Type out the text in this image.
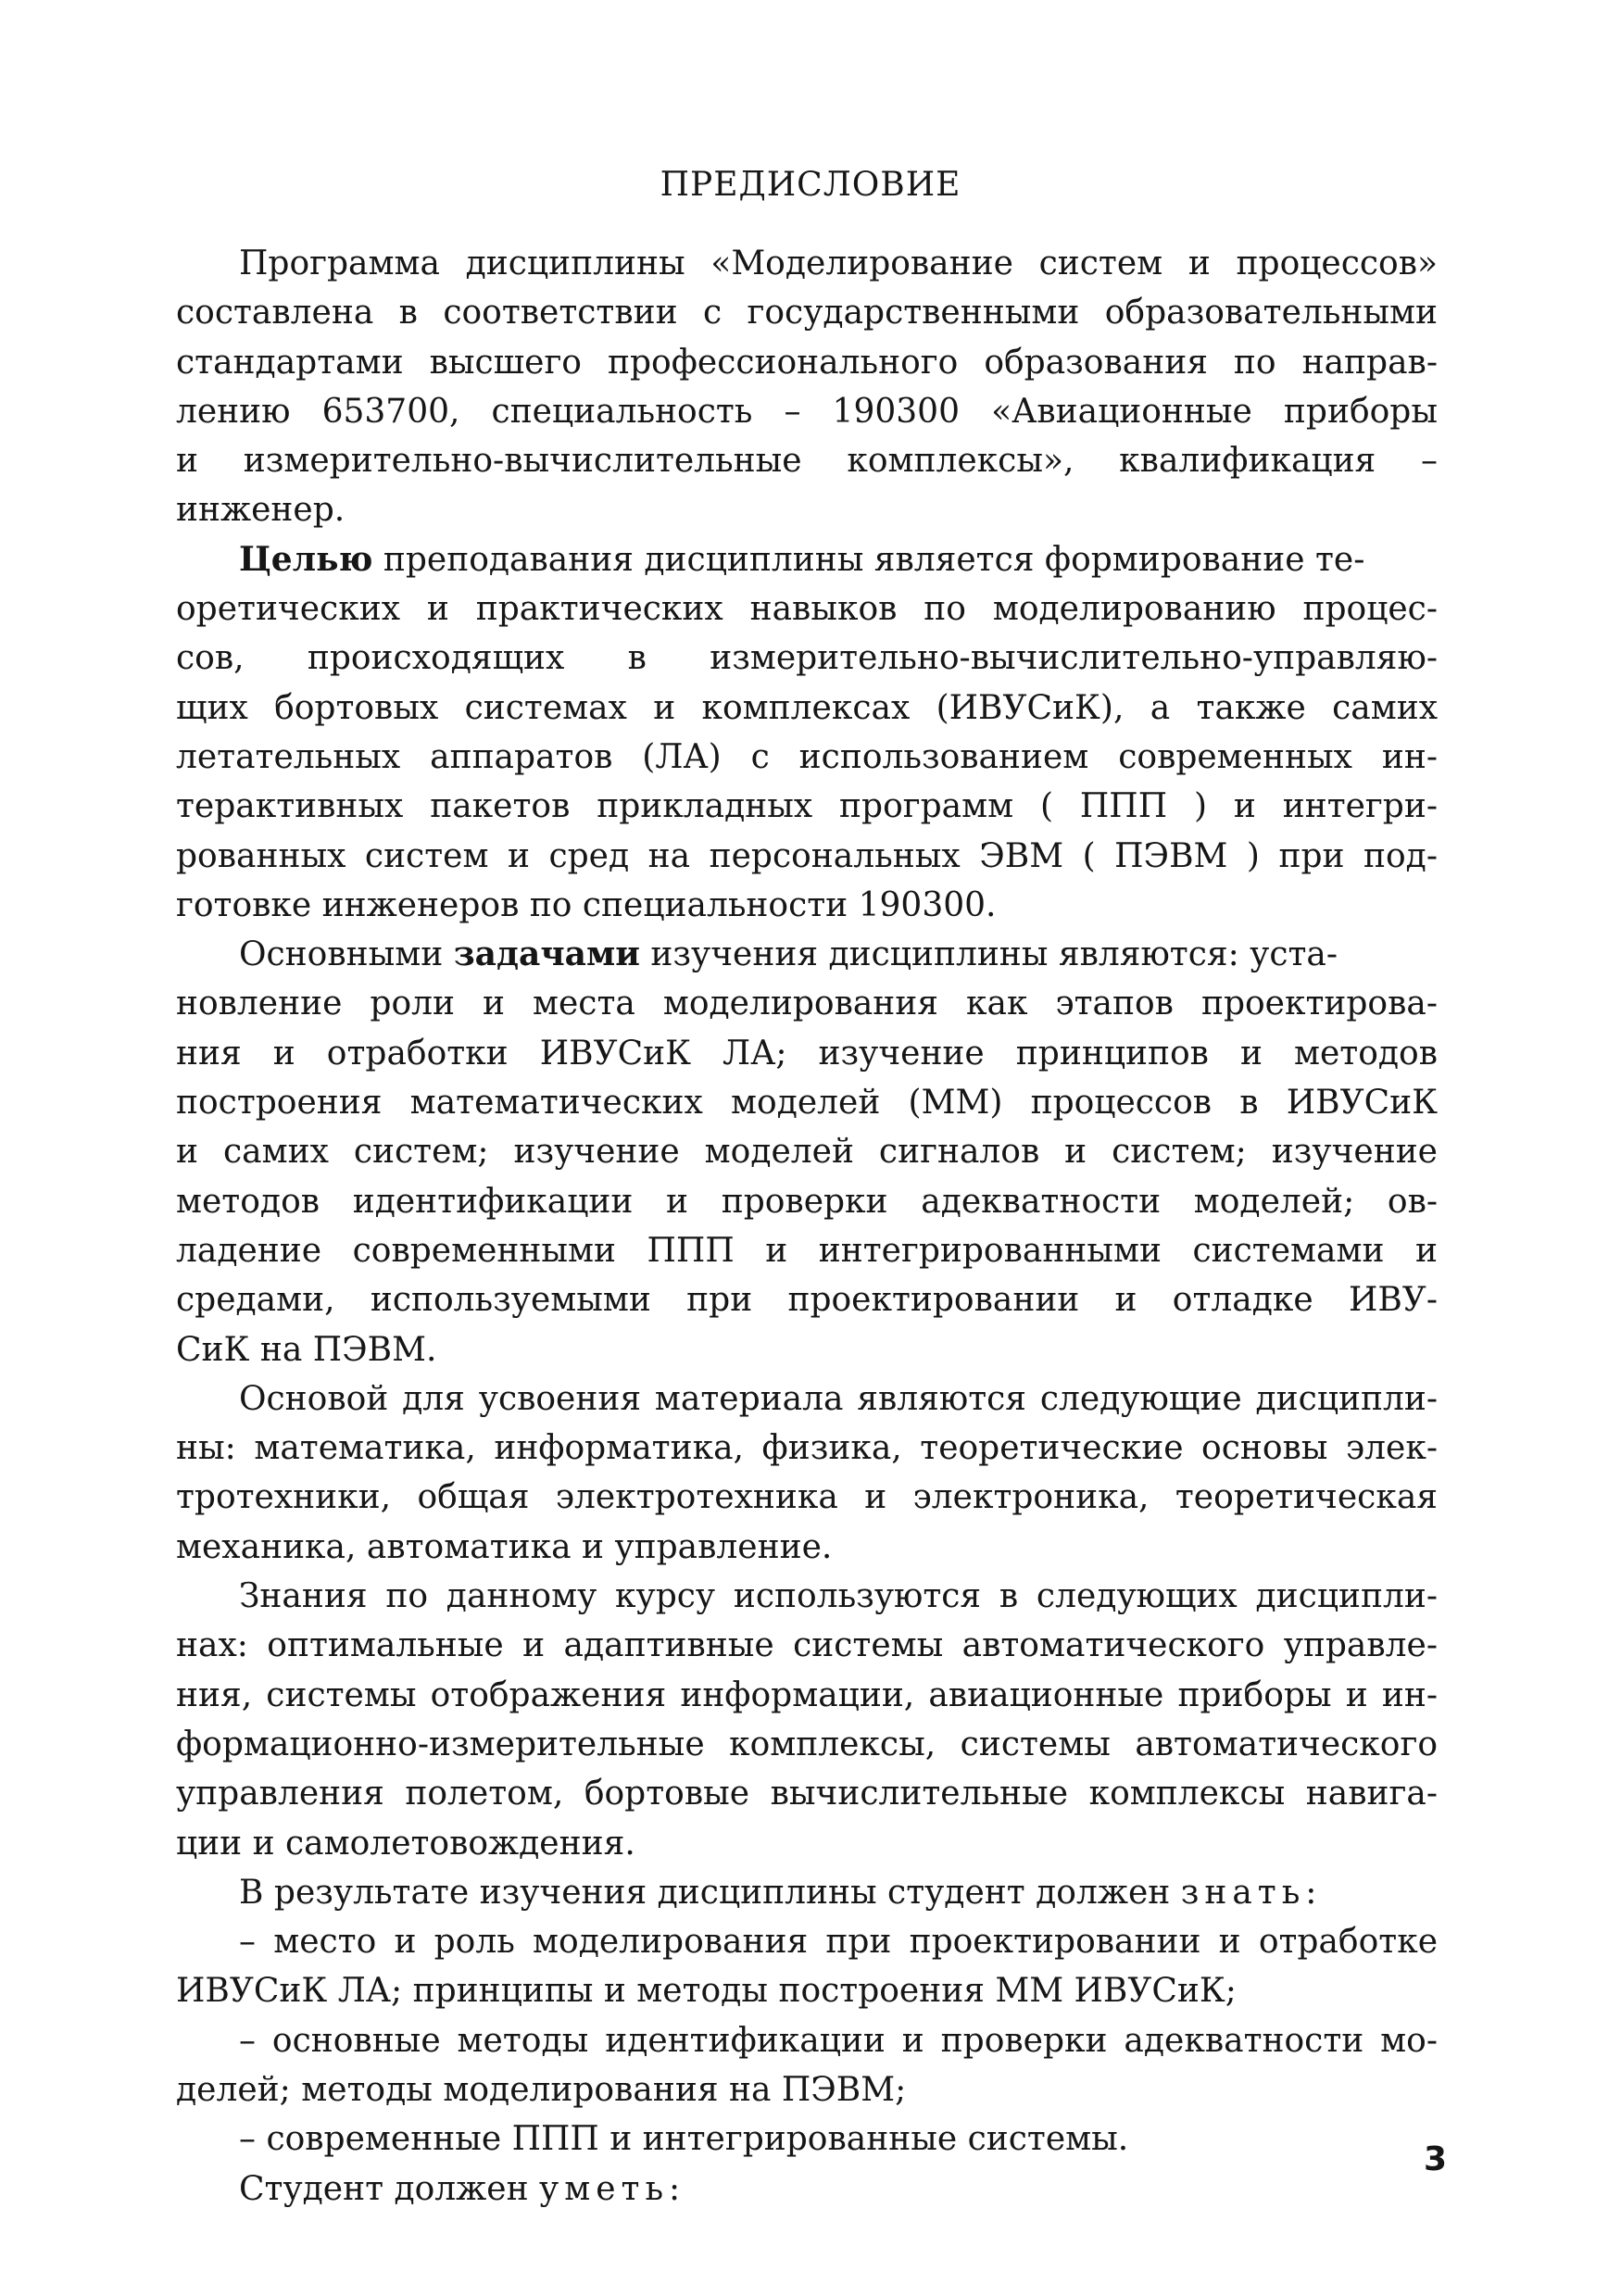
ПРЕДИСЛОВИЕ
Программа дисциплины «Моделирование систем и процессов»
составлена в соответствии с государственными образовательными
стандартами высшего профессионального образования по направ-
лению 653700, специальность – 190300 «Авиационные приборы
и измерительно-вычислительные комплексы», квалификация –
инженер.
Целью преподавания дисциплины является формирование те-
оретических и практических навыков по моделированию процес-
сов, происходящих в измерительно-вычислительно-управляю-
щих бортовых системах и комплексах (ИВУСиК), а также самих
летательных аппаратов (ЛА) с использованием современных ин-
терактивных пакетов прикладных программ ( ППП ) и интегри-
рованных систем и сред на персональных ЭВМ ( ПЭВМ ) при под-
готовке инженеров по специальности 190300.
Основными задачами изучения дисциплины являются: уста-
новление роли и места моделирования как этапов проектирова-
ния и отработки ИВУСиК ЛА; изучение принципов и методов
построения математических моделей (ММ) процессов в ИВУСиК
и самих систем; изучение моделей сигналов и систем; изучение
методов идентификации и проверки адекватности моделей; ов-
ладение современными ППП и интегрированными системами и
средами, используемыми при проектировании и отладке ИВУ-
СиК на ПЭВМ.
Основой для усвоения материала являются следующие дисципли-
ны: математика, информатика, физика, теоретические основы элек-
тротехники, общая электротехника и электроника, теоретическая
механика, автоматика и управление.
Знания по данному курсу используются в следующих дисципли-
нах: оптимальные и адаптивные системы автоматического управле-
ния, системы отображения информации, авиационные приборы и ин-
формационно-измерительные комплексы, системы автоматического
управления полетом, бортовые вычислительные комплексы навига-
ции и самолетовождения.
В результате изучения дисциплины студент должен знать:
– место и роль моделирования при проектировании и отработке
ИВУСиК ЛА; принципы и методы построения ММ ИВУСиК;
– основные методы идентификации и проверки адекватности мо-
делей; методы моделирования на ПЭВМ;
– современные ППП и интегрированные системы.
Студент должен уметь:
3
